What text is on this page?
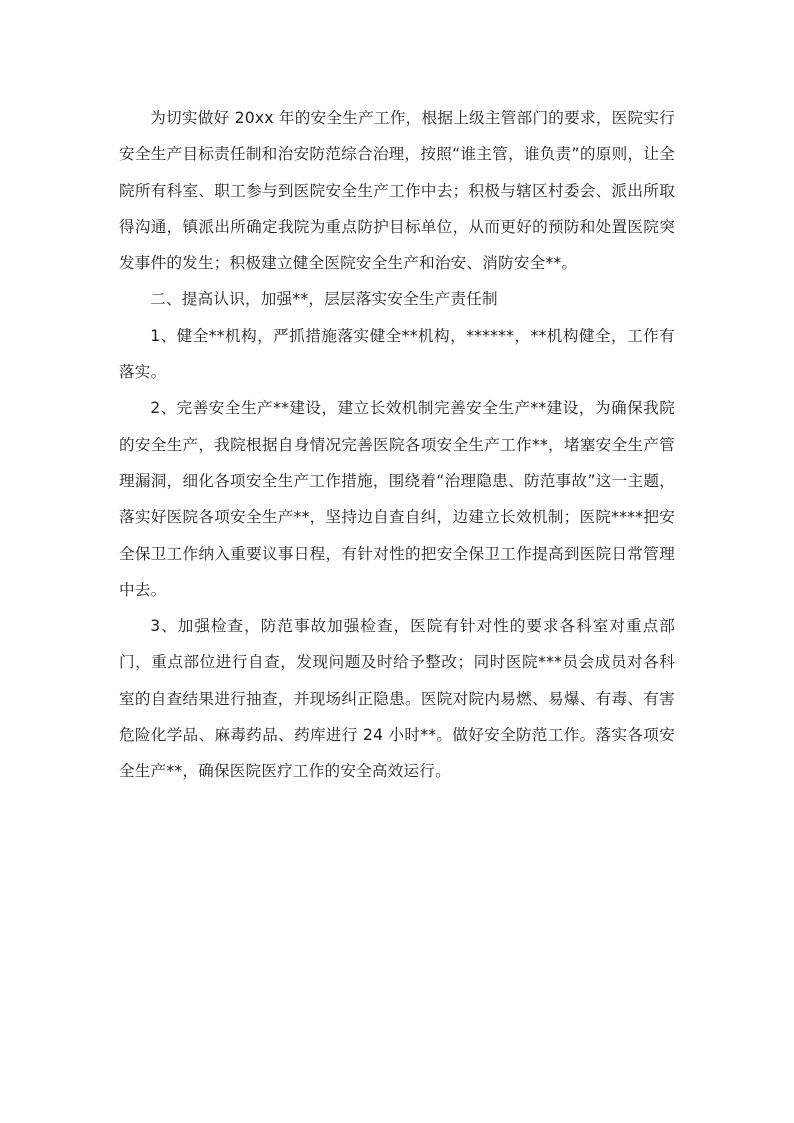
为切实做好 20xx 年的安全生产工作，根据上级主管部门的要求，医院实行安全生产目标责任制和治安防范综合治理，按照“谁主管，谁负责”的原则，让全院所有科室、职工参与到医院安全生产工作中去；积极与辖区村委会、派出所取得沟通，镇派出所确定我院为重点防护目标单位，从而更好的预防和处置医院突发事件的发生；积极建立健全医院安全生产和治安、消防安全**。

二、提高认识，加强**，层层落实安全生产责任制

1、健全**机构，严抓措施落实健全**机构，******，**机构健全，工作有落实。

2、完善安全生产**建设，建立长效机制完善安全生产**建设，为确保我院的安全生产，我院根据自身情况完善医院各项安全生产工作**，堵塞安全生产管理漏洞，细化各项安全生产工作措施，围绕着“治理隐患、防范事故”这一主题，落实好医院各项安全生产**，坚持边自查自纠，边建立长效机制；医院****把安全保卫工作纳入重要议事日程，有针对性的把安全保卫工作提高到医院日常管理中去。

3、加强检查，防范事故加强检查，医院有针对性的要求各科室对重点部门，重点部位进行自查，发现问题及时给予整改；同时医院***员会成员对各科室的自查结果进行抽查，并现场纠正隐患。医院对院内易燃、易爆、有毒、有害危险化学品、麻毒药品、药库进行 24 小时**。做好安全防范工作。落实各项安全生产**，确保医院医疗工作的安全高效运行。
